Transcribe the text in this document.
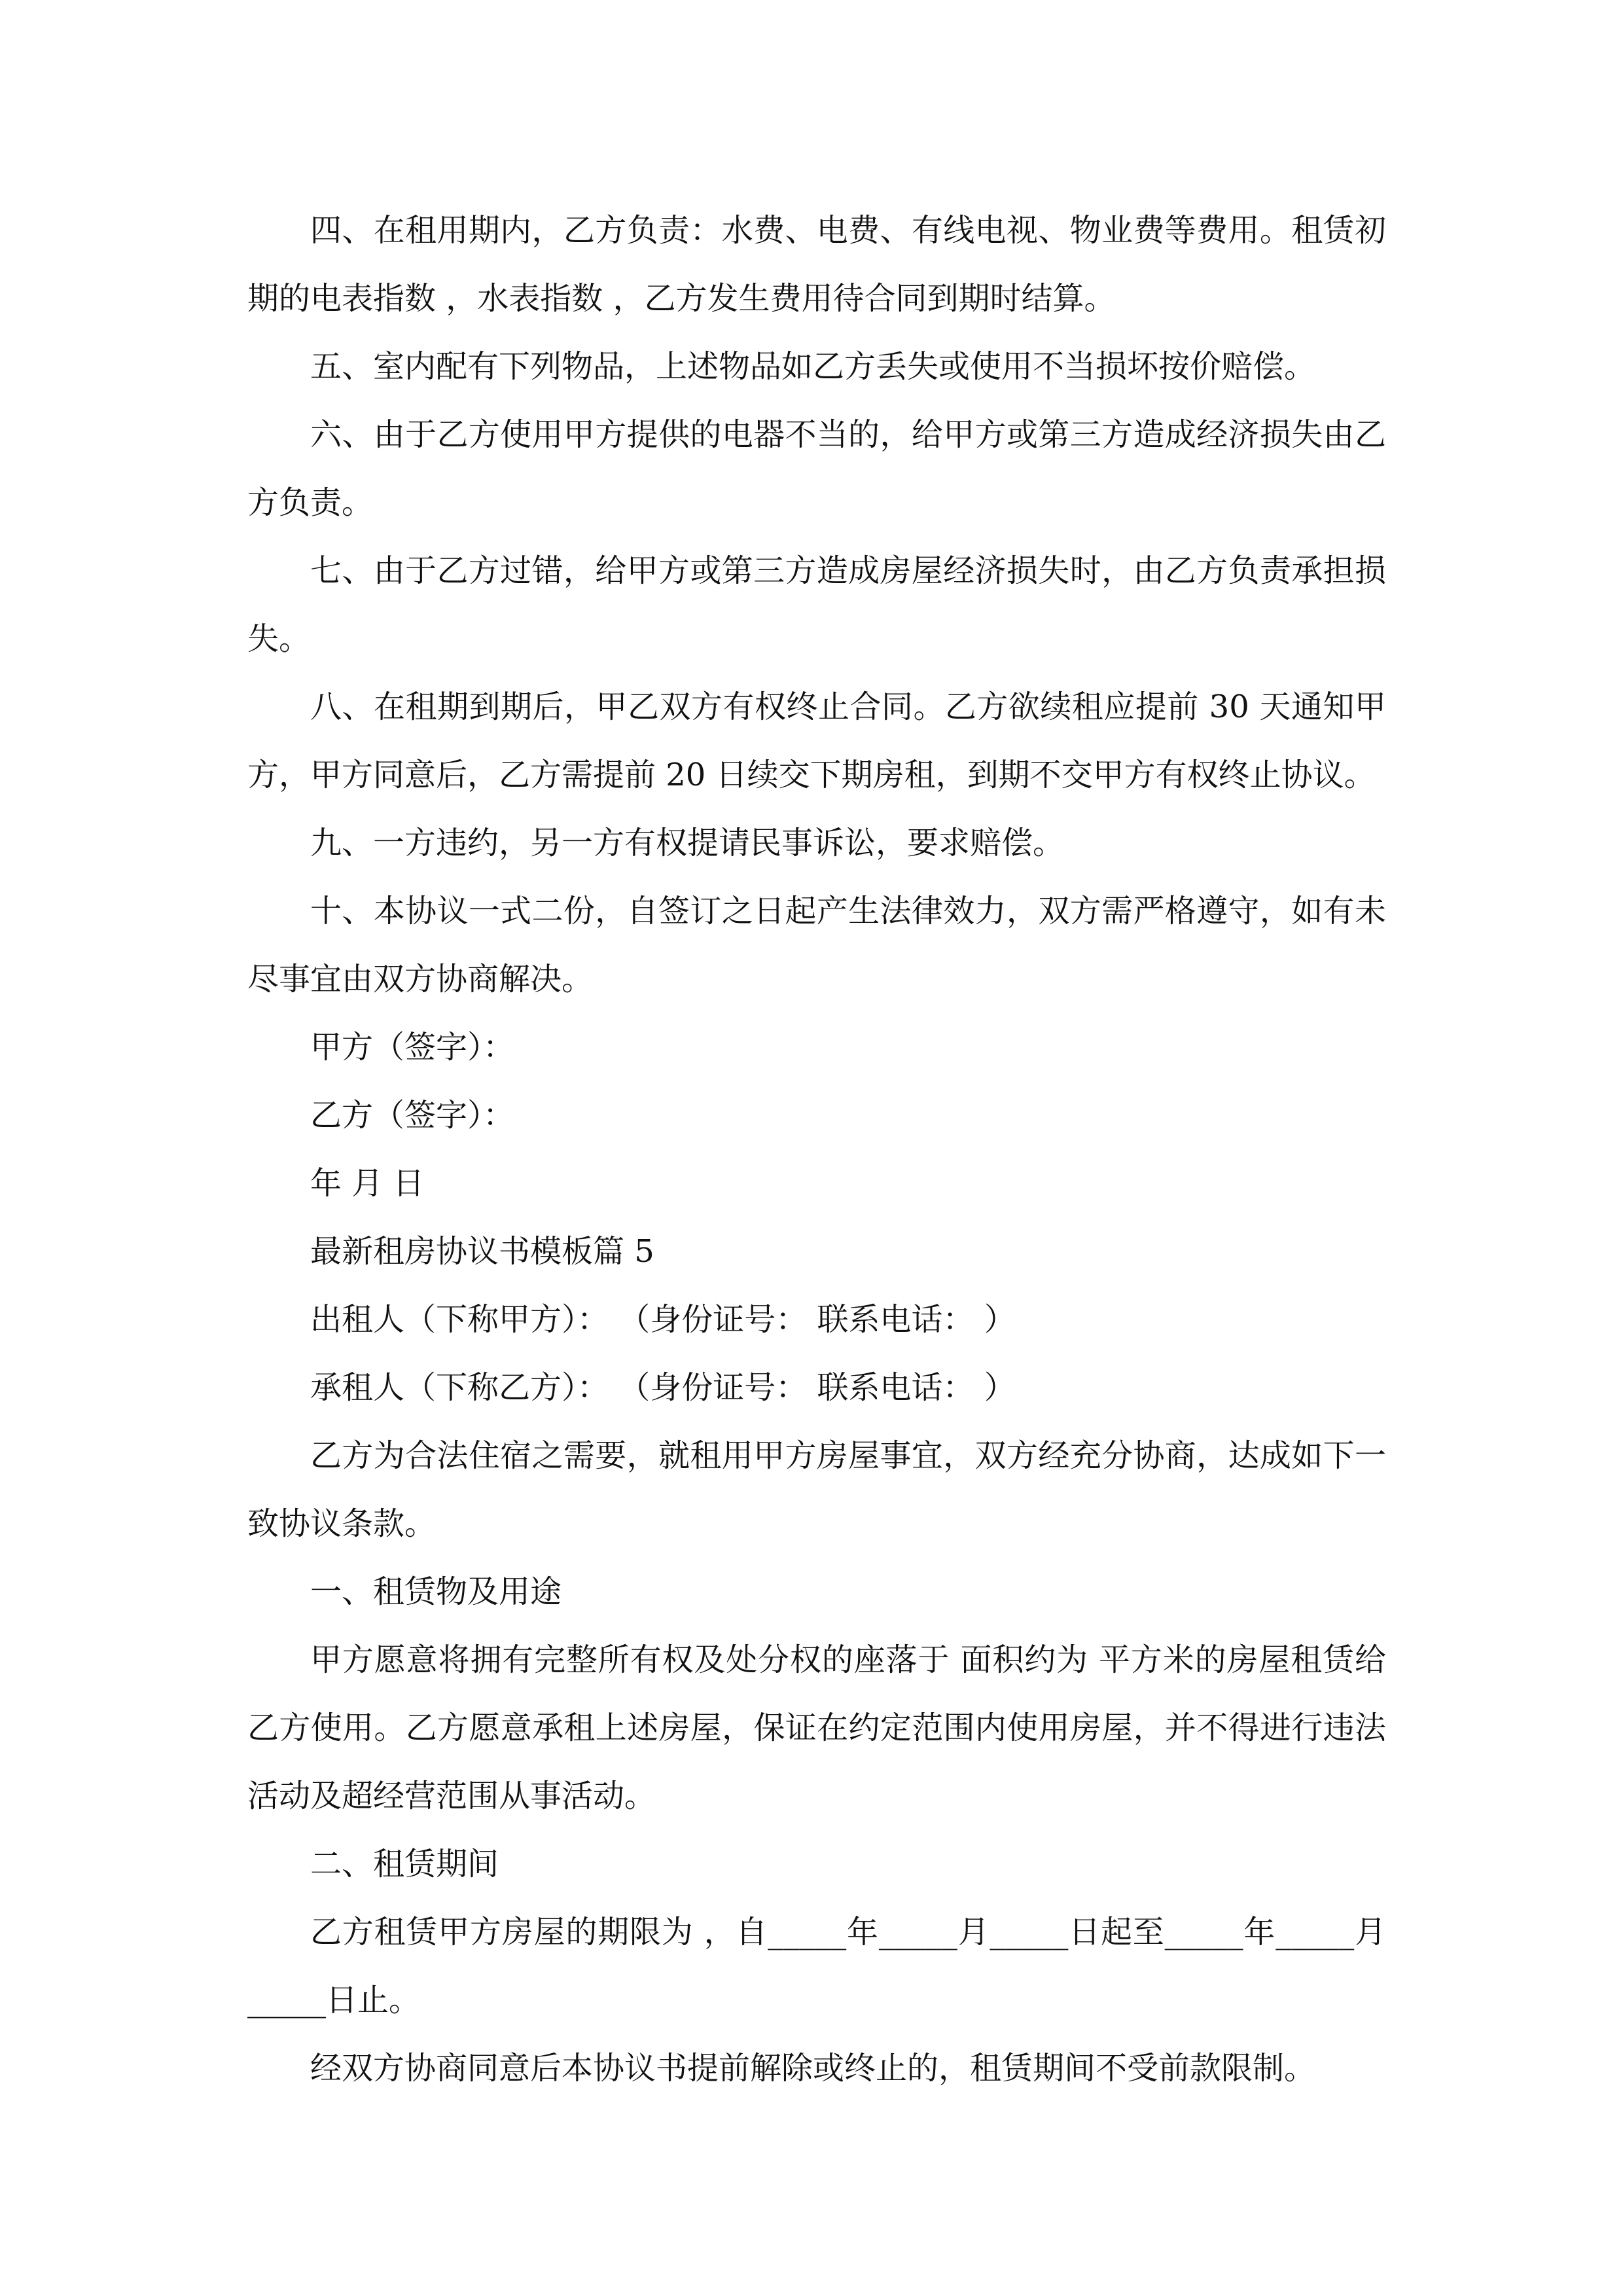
四、在租用期内，乙方负责：水费、电费、有线电视、物业费等费用。租赁初期的电表指数 ，水表指数 ，乙方发生费用待合同到期时结算。

五、室内配有下列物品，上述物品如乙方丢失或使用不当损坏按价赔偿。

六、由于乙方使用甲方提供的电器不当的，给甲方或第三方造成经济损失由乙方负责。

七、由于乙方过错，给甲方或第三方造成房屋经济损失时，由乙方负责承担损失。

八、在租期到期后，甲乙双方有权终止合同。乙方欲续租应提前 30 天通知甲方，甲方同意后，乙方需提前 20 日续交下期房租，到期不交甲方有权终止协议。

九、一方违约，另一方有权提请民事诉讼，要求赔偿。

十、本协议一式二份，自签订之日起产生法律效力，双方需严格遵守，如有未尽事宜由双方协商解决。

甲方（签字）：

乙方（签字）：

年 月 日

最新租房协议书模板篇 5

出租人（下称甲方）： （身份证号： 联系电话： ）

承租人（下称乙方）： （身份证号： 联系电话： ）

乙方为合法住宿之需要，就租用甲方房屋事宜，双方经充分协商，达成如下一致协议条款。

一、租赁物及用途

甲方愿意将拥有完整所有权及处分权的座落于 面积约为 平方米的房屋租赁给乙方使用。乙方愿意承租上述房屋，保证在约定范围内使用房屋，并不得进行违法活动及超经营范围从事活动。

二、租赁期间

乙方租赁甲方房屋的期限为 ，自_____年_____月_____日起至_____年_____月_____日止。

经双方协商同意后本协议书提前解除或终止的，租赁期间不受前款限制。
